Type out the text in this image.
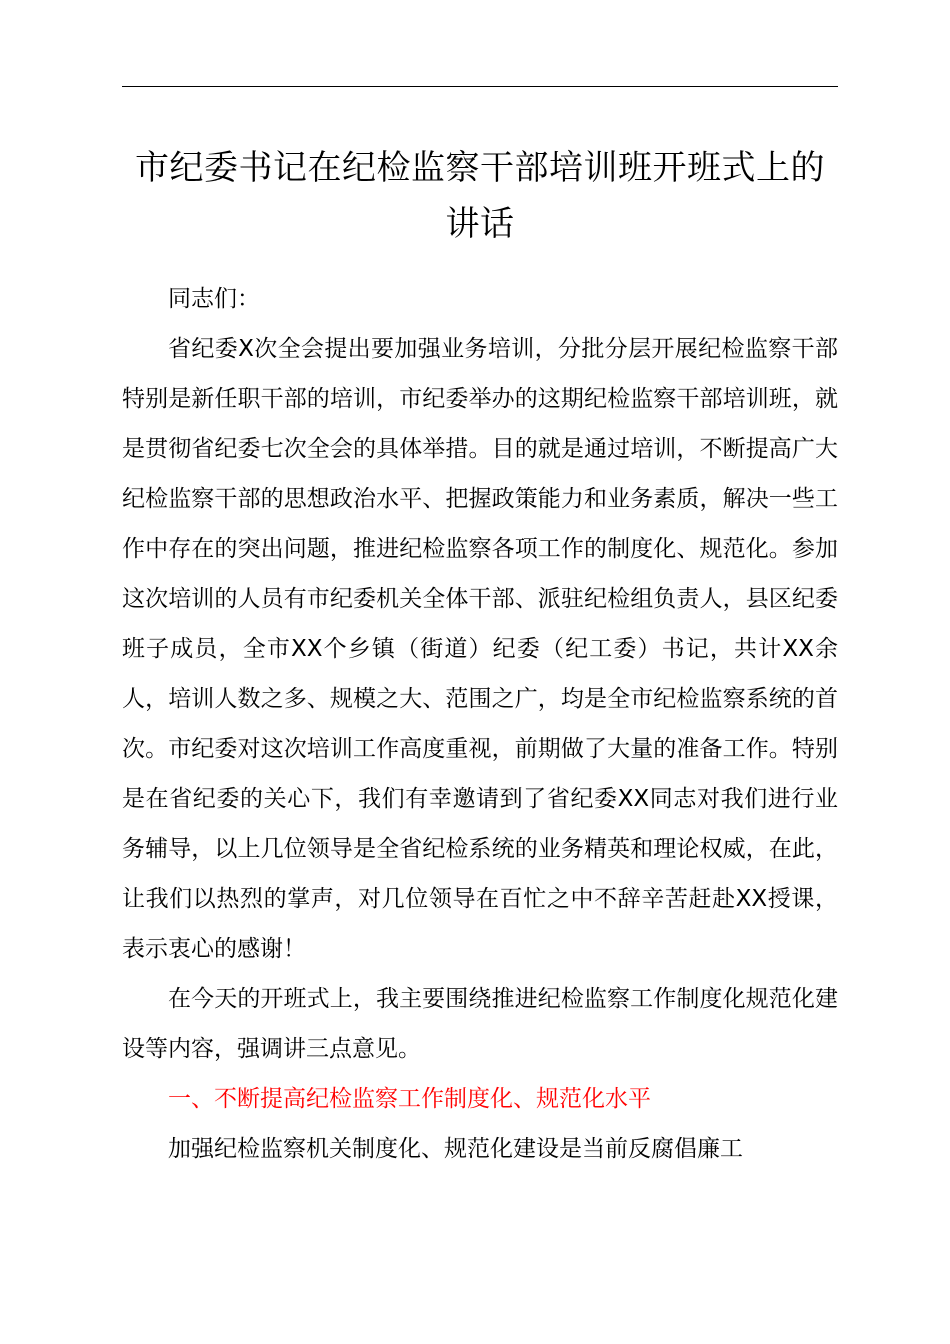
市纪委书记在纪检监察干部培训班开班式上的讲话

同志们：

省纪委X次全会提出要加强业务培训，分批分层开展纪检监察干部特别是新任职干部的培训，市纪委举办的这期纪检监察干部培训班，就是贯彻省纪委七次全会的具体举措。目的就是通过培训，不断提高广大纪检监察干部的思想政治水平、把握政策能力和业务素质，解决一些工作中存在的突出问题，推进纪检监察各项工作的制度化、规范化。参加这次培训的人员有市纪委机关全体干部、派驻纪检组负责人，县区纪委班子成员，全市XX个乡镇（街道）纪委（纪工委）书记，共计XX余人，培训人数之多、规模之大、范围之广，均是全市纪检监察系统的首次。市纪委对这次培训工作高度重视，前期做了大量的准备工作。特别是在省纪委的关心下，我们有幸邀请到了省纪委XX同志对我们进行业务辅导，以上几位领导是全省纪检系统的业务精英和理论权威，在此，让我们以热烈的掌声，对几位领导在百忙之中不辞辛苦赶赴XX授课，表示衷心的感谢！

在今天的开班式上，我主要围绕推进纪检监察工作制度化规范化建设等内容，强调讲三点意见。

一、不断提高纪检监察工作制度化、规范化水平

加强纪检监察机关制度化、规范化建设是当前反腐倡廉工
